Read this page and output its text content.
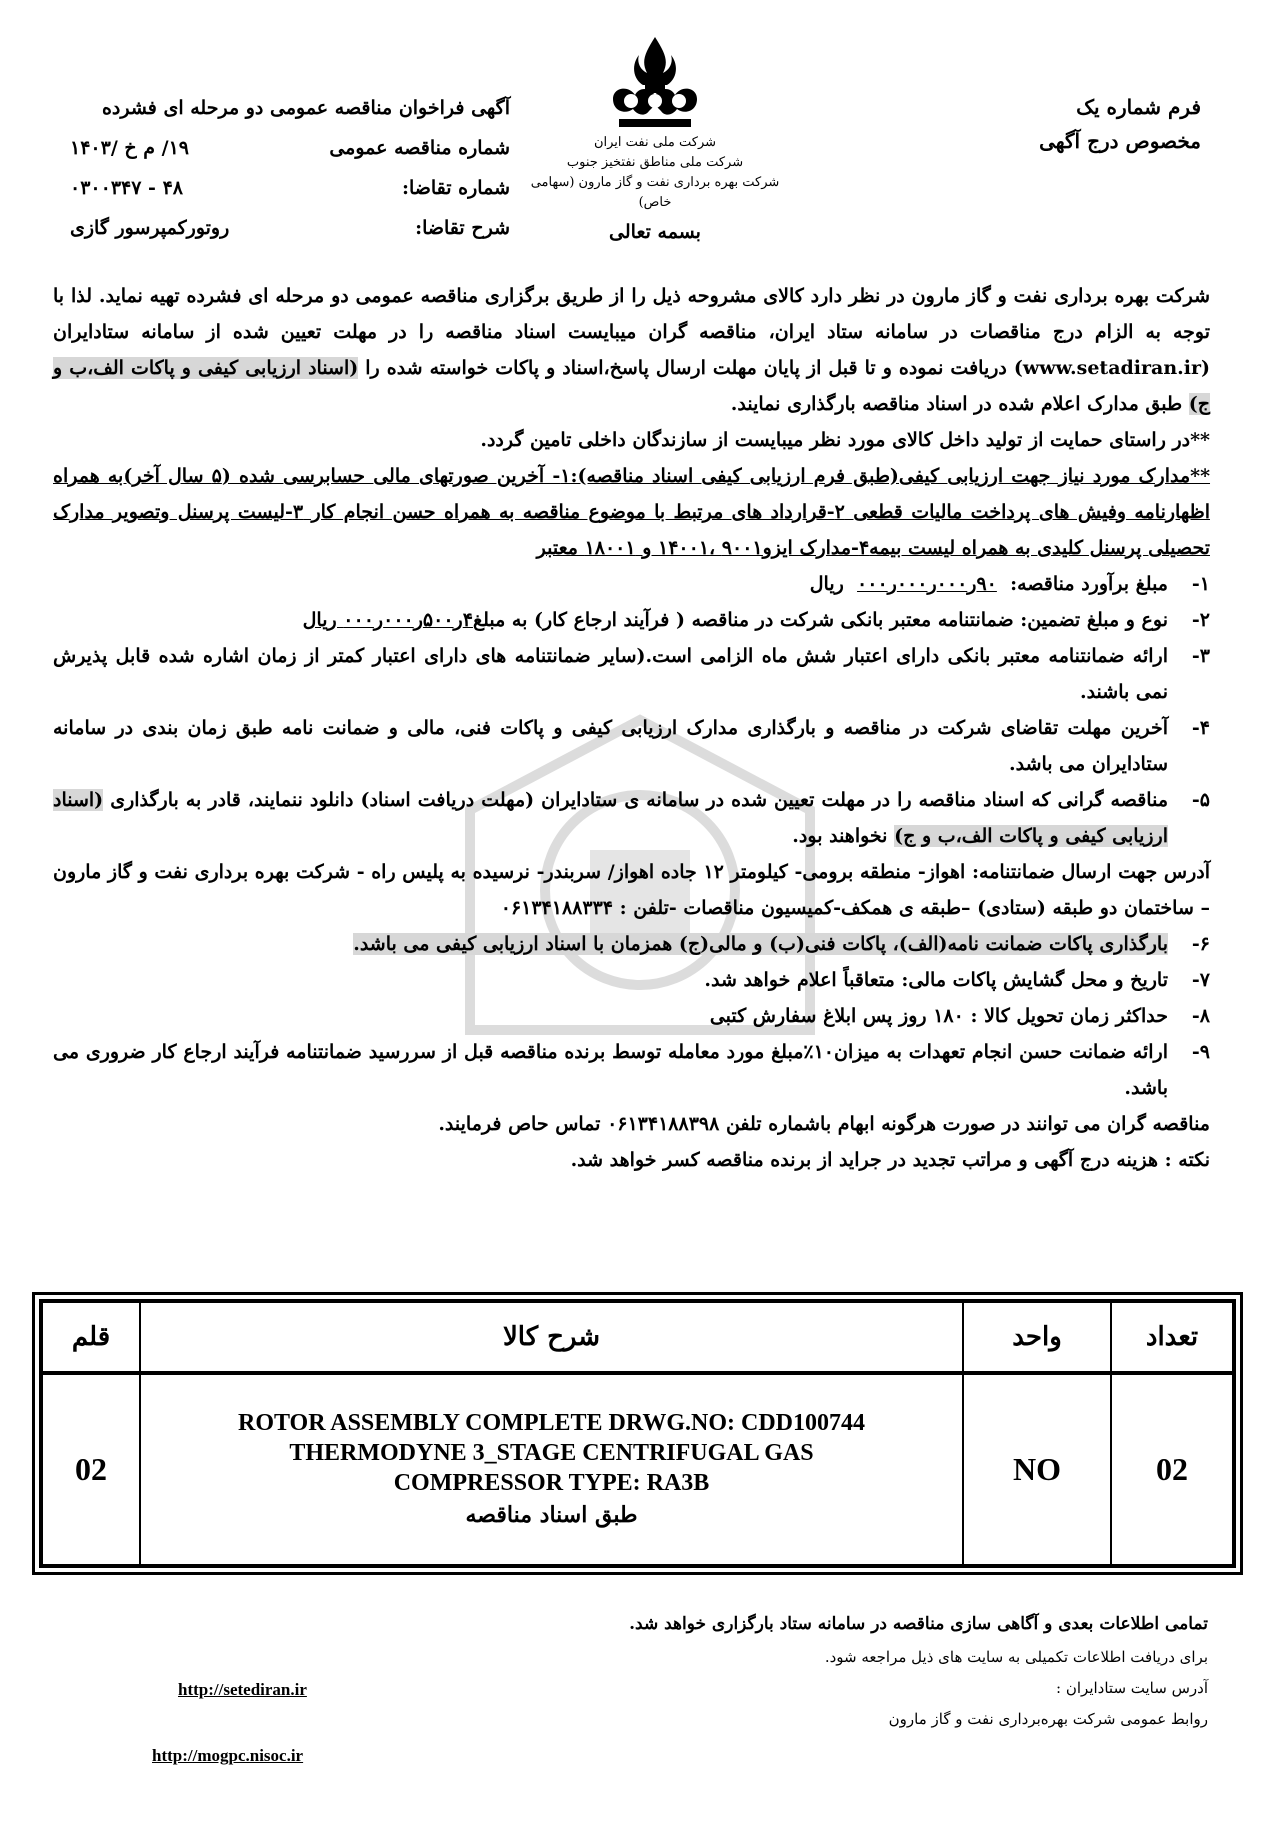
فرم شماره یک
مخصوص درج آگهی
شرکت ملی نفت ایران
شرکت ملی مناطق نفتخیز جنوب
شرکت بهره برداری نفت و گاز مارون (سهامی خاص)
بسمه تعالی
آگهی فراخوان مناقصه عمومی دو مرحله ای فشرده
شماره مناقصه عمومی
۱۹/ م خ /۱۴۰۳
شماره تقاضا:
۴۸ - ۰۳۰۰۳۴۷
شرح تقاضا:
روتورکمپرسور گازی

شرکت بهره برداری نفت و گاز مارون در نظر دارد کالای مشروحه ذیل را از طریق برگزاری مناقصه عمومی دو مرحله ای فشرده تهیه نماید. لذا با توجه به الزام درج مناقصات در سامانه ستاد ایران، مناقصه گران میبایست اسناد مناقصه را در مهلت تعیین شده از سامانه ستادایران (www.setadiran.ir) دریافت نموده و تا قبل از پایان مهلت ارسال پاسخ،اسناد و پاکات خواسته شده را (اسناد ارزیابی کیفی و پاکات الف،ب و ج) طبق مدارک اعلام شده در اسناد مناقصه بارگذاری نمایند.

**در راستای حمایت از تولید داخل کالای مورد نظر میبایست از سازندگان داخلی تامین گردد.

**مدارک مورد نیاز جهت ارزیابی کیفی(طبق فرم ارزیابی کیفی اسناد مناقصه):۱- آخرین صورتهای مالی حسابرسی شده (۵ سال آخر)به همراه اظهارنامه وفیش های پرداخت مالیات قطعی ۲-قرارداد های مرتبط با موضوع مناقصه به همراه حسن انجام کار ۳-لیست پرسنل وتصویر مدارک تحصیلی پرسنل کلیدی به همراه لیست بیمه۴-مدارک ایزو۹۰۰۱ ،۱۴۰۰۱ و ۱۸۰۰۱ معتبر

۱-
مبلغ برآورد مناقصه:  ۹۰ر۰۰۰ر۰۰۰ر۰۰۰  ریال
۲-
نوع و مبلغ تضمین: ضمانتنامه معتبر بانکی شرکت در مناقصه ( فرآیند ارجاع کار) به مبلغ۴ر۵۰۰ر۰۰۰ر۰۰۰ ریال
۳-
ارائه ضمانتنامه معتبر بانکی دارای اعتبار شش ماه الزامی است.(سایر ضمانتنامه های دارای اعتبار کمتر از زمان اشاره شده قابل پذیرش نمی باشند.
۴-
آخرین مهلت تقاضای شرکت در مناقصه و بارگذاری مدارک ارزیابی کیفی و پاکات فنی، مالی و ضمانت نامه طبق زمان بندی در سامانه ستادایران می باشد.
۵-
مناقصه گرانی که اسناد مناقصه را در مهلت تعیین شده در سامانه ی ستادایران (مهلت دریافت اسناد) دانلود ننمایند، قادر به بارگذاری (اسناد ارزیابی کیفی و پاکات الف،ب و ج) نخواهند بود.

آدرس جهت ارسال ضمانتنامه: اهواز- منطقه برومی- کیلومتر ۱۲ جاده اهواز/ سربندر- نرسیده به پلیس راه - شرکت بهره برداری نفت و گاز مارون – ساختمان دو طبقه (ستادی) –طبقه ی همکف-کمیسیون مناقصات -تلفن : ۰۶۱۳۴۱۸۸۳۳۴

۶-
بارگذاری پاکات ضمانت نامه(الف)، پاکات فنی(ب) و مالی(ج) همزمان با اسناد ارزیابی کیفی می باشد.
۷-
تاریخ و محل گشایش پاکات مالی: متعاقباً اعلام خواهد شد.
۸-
حداکثر زمان تحویل کالا : ۱۸۰ روز پس ابلاغ سفارش کتبی
۹-
ارائه ضمانت حسن انجام تعهدات به میزان۱۰٪مبلغ مورد معامله توسط برنده مناقصه قبل از سررسید ضمانتنامه فرآیند ارجاع کار ضروری می باشد.

مناقصه گران می توانند در صورت هرگونه ابهام باشماره تلفن ۰۶۱۳۴۱۸۸۳۹۸ تماس حاص فرمایند.

نکته : هزینه درج آگهی و مراتب تجدید در جراید از برنده مناقصه کسر خواهد شد.

تعداد	واحد	شرح کالا	قلم
02	NO	ROTOR ASSEMBLY COMPLETE DRWG.NO: CDD100744
THERMODYNE 3_STAGE CENTRIFUGAL GAS
COMPRESSOR TYPE: RA3B
طبق اسناد مناقصه	02
تمامی اطلاعات بعدی و آگاهی سازی مناقصه در سامانه ستاد بارگزاری خواهد شد.
برای دریافت اطلاعات تکمیلی به سایت های ذیل مراجعه شود.
آدرس سایت ستادایران :
روابط عمومی شرکت بهره‌برداری نفت و گاز مارون
http://setediran.ir
http://mogpc.nisoc.ir
